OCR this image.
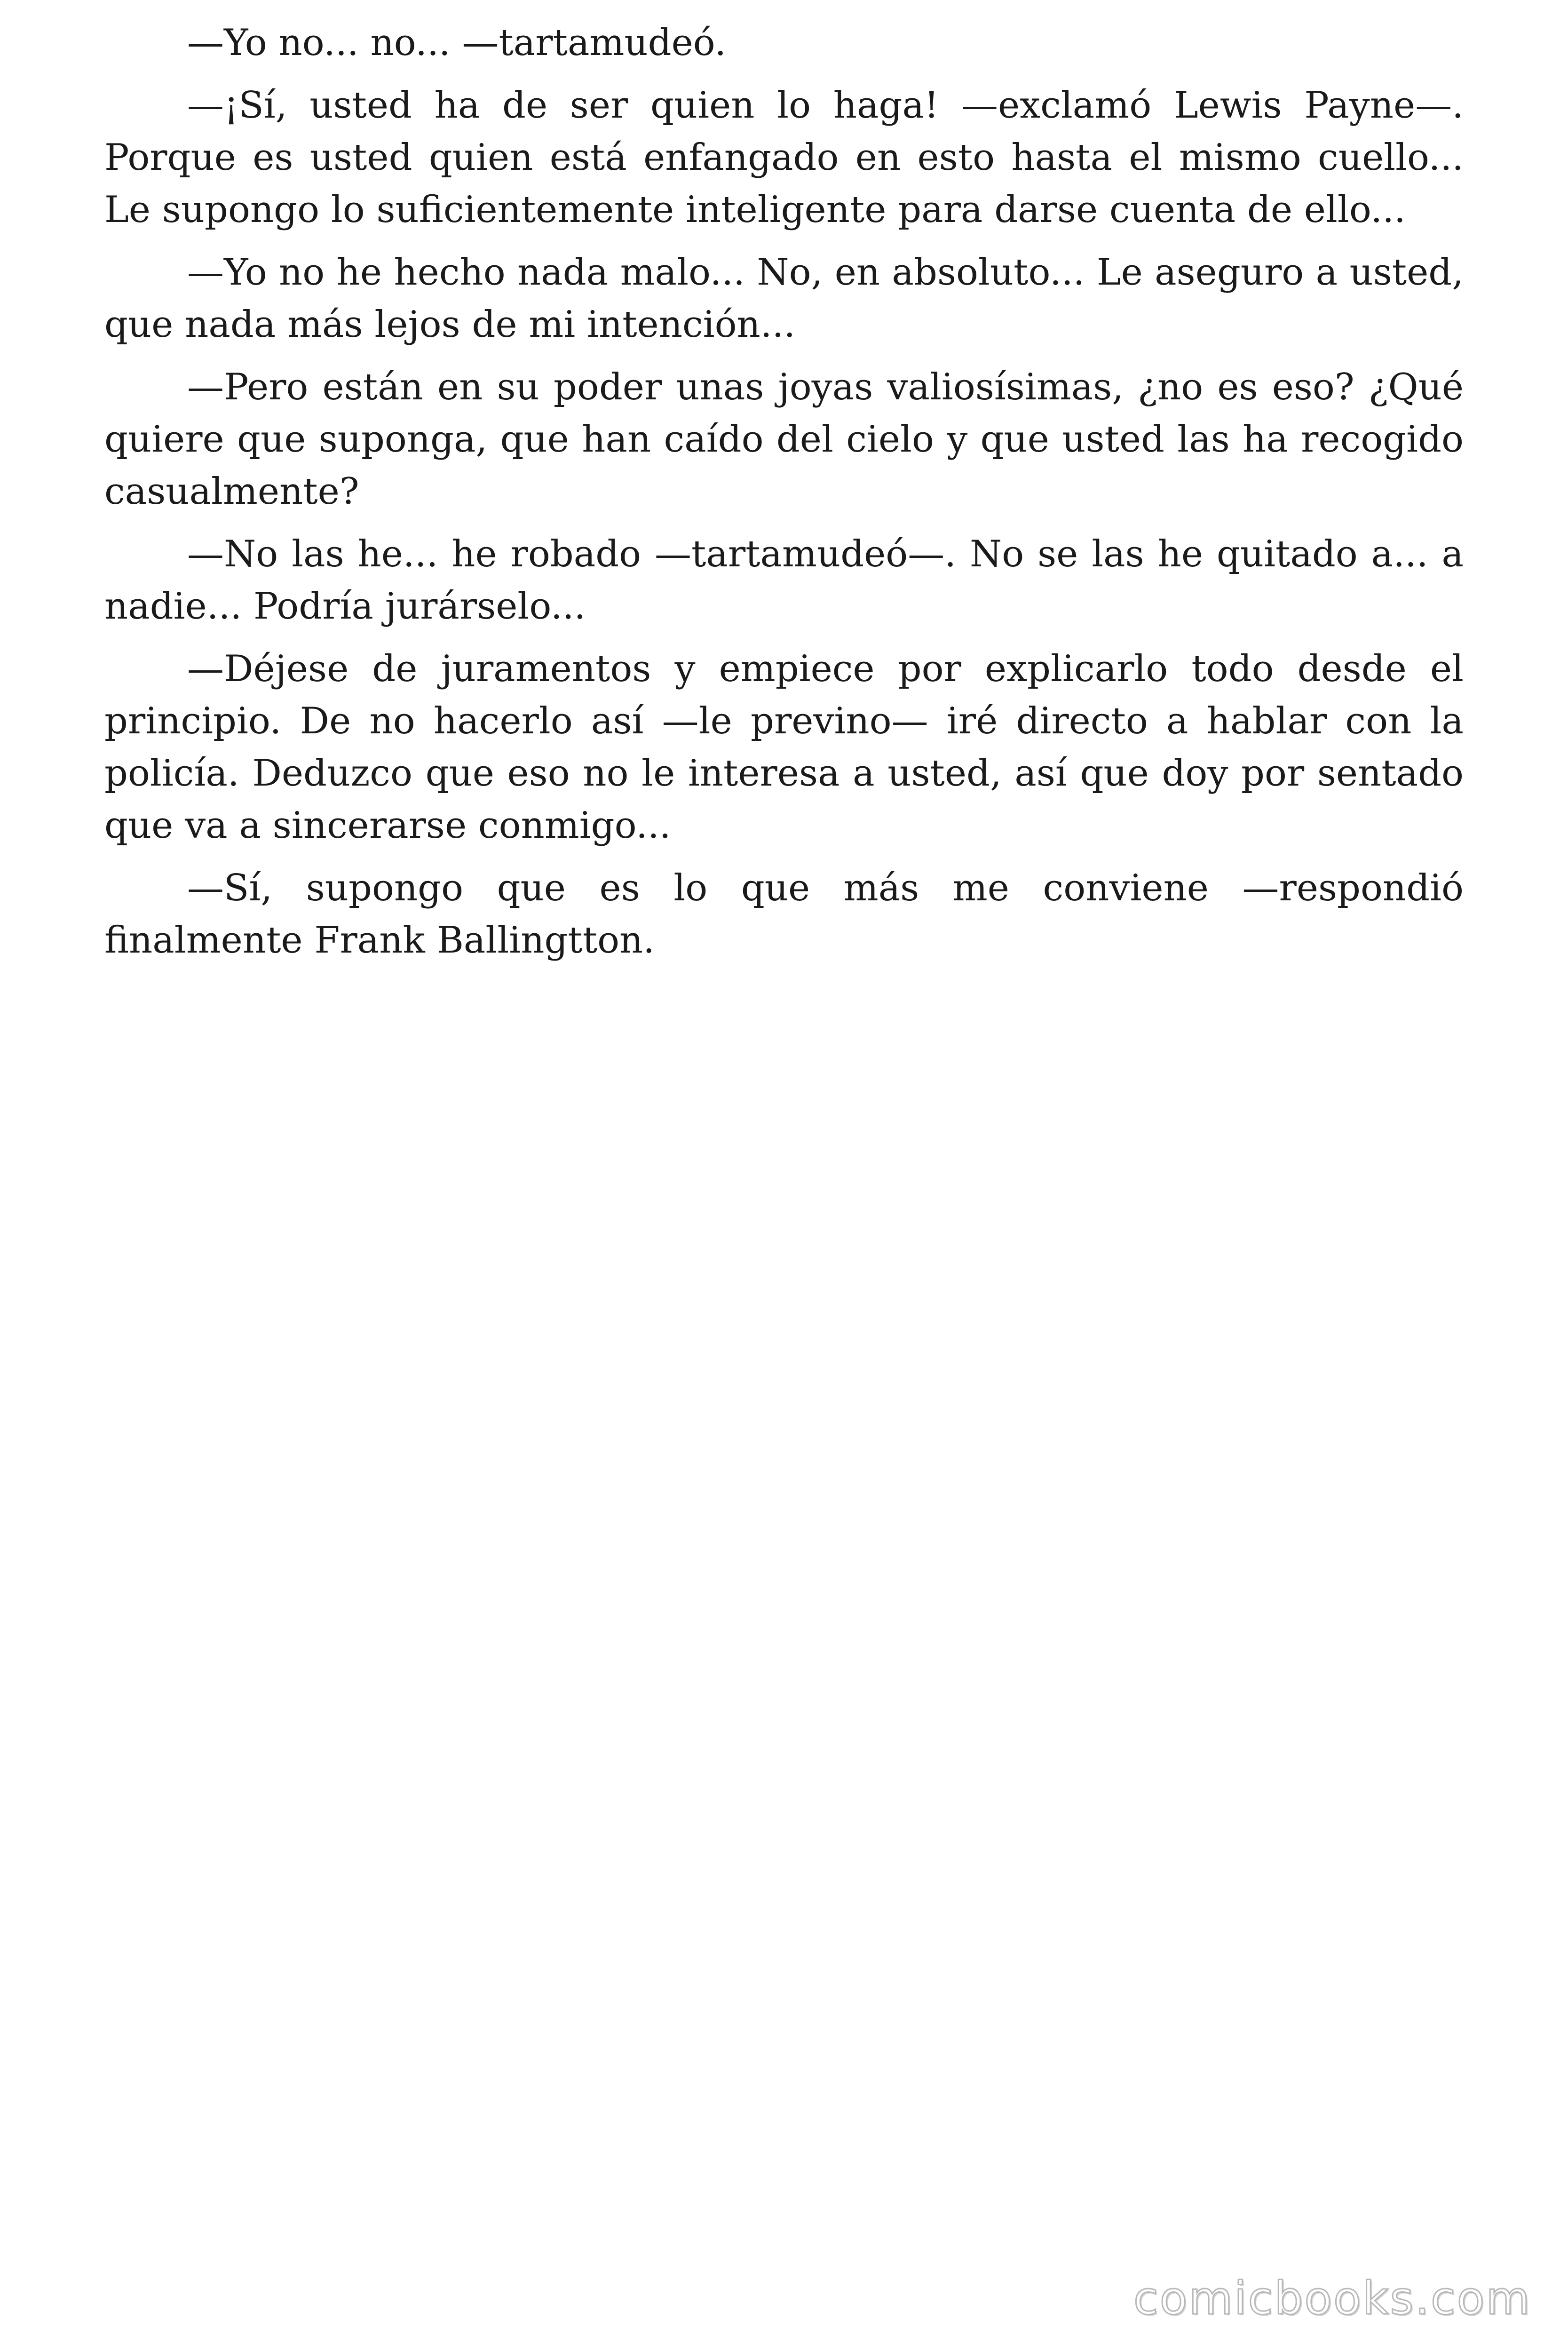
—Yo no... no... —tartamudeó.

—¡Sí, usted ha de ser quien lo haga! —exclamó Lewis Payne—. Porque es usted quien está enfangado en esto hasta el mismo cuello... Le supongo lo suficientemente inteligente para darse cuenta de ello...

—Yo no he hecho nada malo... No, en absoluto... Le aseguro a usted, que nada más lejos de mi intención...

—Pero están en su poder unas joyas valiosísimas, ¿no es eso? ¿Qué quiere que suponga, que han caído del cielo y que usted las ha recogido casualmente?

—No las he... he robado —tartamudeó—. No se las he quitado a... a nadie... Podría jurárselo...

—Déjese de juramentos y empiece por explicarlo todo desde el principio. De no hacerlo así —le previno— iré directo a hablar con la policía. Deduzco que eso no le interesa a usted, así que doy por sentado que va a sincerarse conmigo...

—Sí, supongo que es lo que más me conviene —respondió finalmente Frank Ballingtton.

comicbooks.com
